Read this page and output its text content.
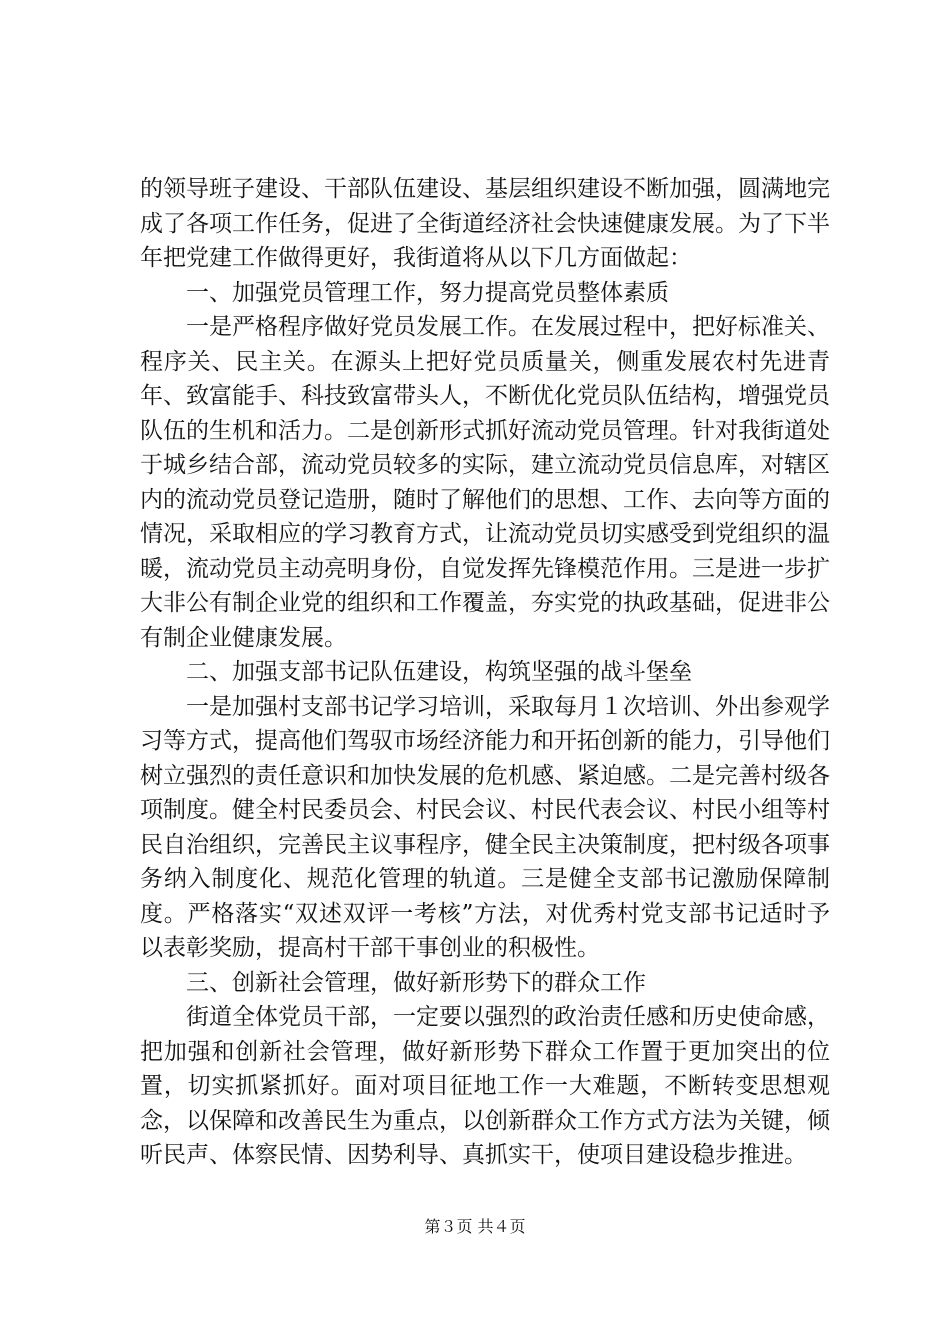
的领导班子建设、干部队伍建设、基层组织建设不断加强，圆满地完成了各项工作任务，促进了全街道经济社会快速健康发展。为了下半年把党建工作做得更好，我街道将从以下几方面做起：

一、加强党员管理工作，努力提高党员整体素质

一是严格程序做好党员发展工作。在发展过程中，把好标准关、程序关、民主关。在源头上把好党员质量关，侧重发展农村先进青年、致富能手、科技致富带头人，不断优化党员队伍结构，增强党员队伍的生机和活力。二是创新形式抓好流动党员管理。针对我街道处于城乡结合部，流动党员较多的实际，建立流动党员信息库，对辖区内的流动党员登记造册，随时了解他们的思想、工作、去向等方面的情况，采取相应的学习教育方式，让流动党员切实感受到党组织的温暖，流动党员主动亮明身份，自觉发挥先锋模范作用。三是进一步扩大非公有制企业党的组织和工作覆盖，夯实党的执政基础，促进非公有制企业健康发展。

二、加强支部书记队伍建设，构筑坚强的战斗堡垒

一是加强村支部书记学习培训，采取每月１次培训、外出参观学习等方式，提高他们驾驭市场经济能力和开拓创新的能力，引导他们树立强烈的责任意识和加快发展的危机感、紧迫感。二是完善村级各项制度。健全村民委员会、村民会议、村民代表会议、村民小组等村民自治组织，完善民主议事程序，健全民主决策制度，把村级各项事务纳入制度化、规范化管理的轨道。三是健全支部书记激励保障制度。严格落实“双述双评一考核”方法，对优秀村党支部书记适时予以表彰奖励，提高村干部干事创业的积极性。

三、创新社会管理，做好新形势下的群众工作

街道全体党员干部，一定要以强烈的政治责任感和历史使命感，把加强和创新社会管理，做好新形势下群众工作置于更加突出的位置，切实抓紧抓好。面对项目征地工作一大难题，不断转变思想观念，以保障和改善民生为重点，以创新群众工作方式方法为关键，倾听民声、体察民情、因势利导、真抓实干，使项目建设稳步推进。

第３页 共４页
